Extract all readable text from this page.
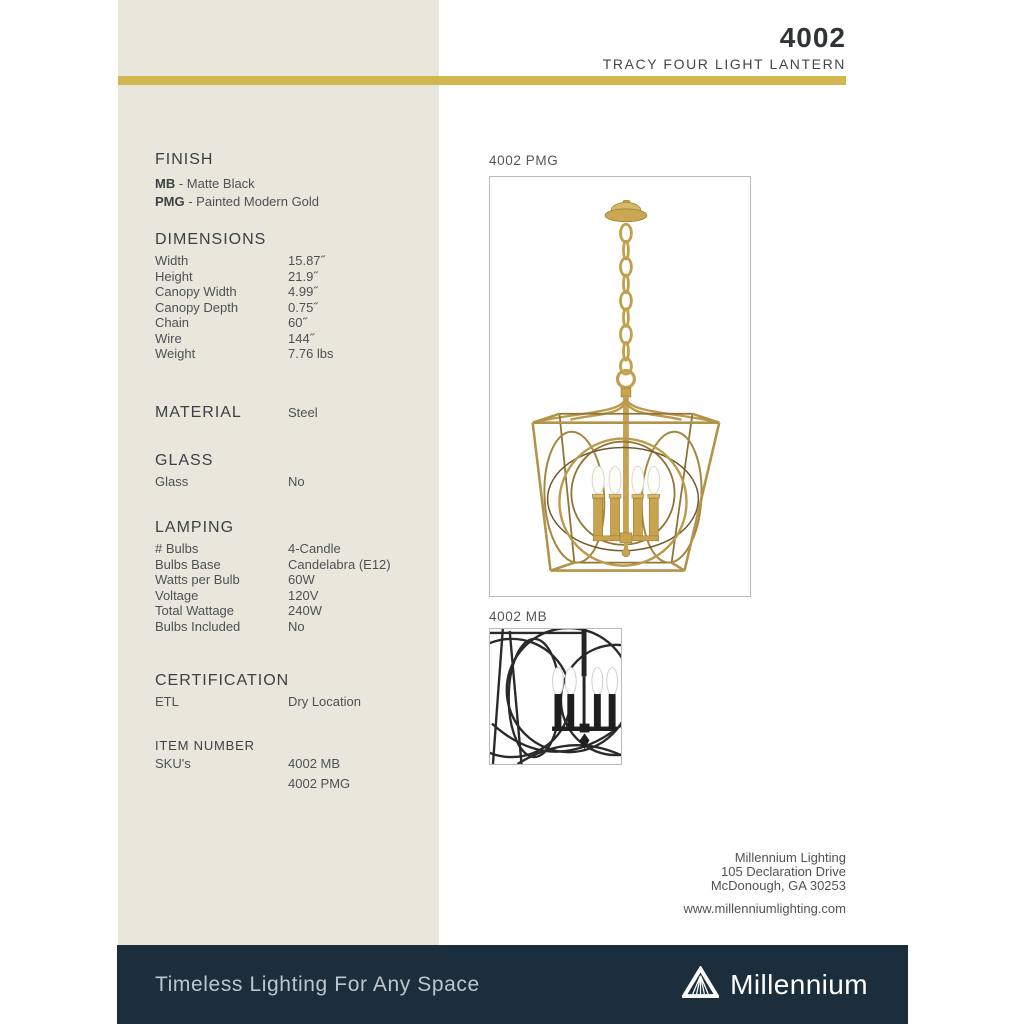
4002
TRACY FOUR LIGHT LANTERN
FINISH
MB - Matte Black
PMG - Painted Modern Gold
DIMENSIONS
Width	15.87˝
Height	21.9˝
Canopy Width	4.99˝
Canopy Depth	0.75˝
Chain	60˝
Wire	144˝
Weight	7.76 lbs
MATERIAL	Steel
GLASS
Glass	No
LAMPING
# Bulbs	4-Candle
Bulbs Base	Candelabra (E12)
Watts per Bulb	60W
Voltage	120V
Total Wattage	240W
Bulbs Included	No
CERTIFICATION
ETL	Dry Location
ITEM NUMBER
SKU's	4002 MB
4002 PMG
4002 PMG
4002 MB
Millennium Lighting
105 Declaration Drive
McDonough, GA 30253
www.millenniumlighting.com
Timeless Lighting For Any Space	Millennium
